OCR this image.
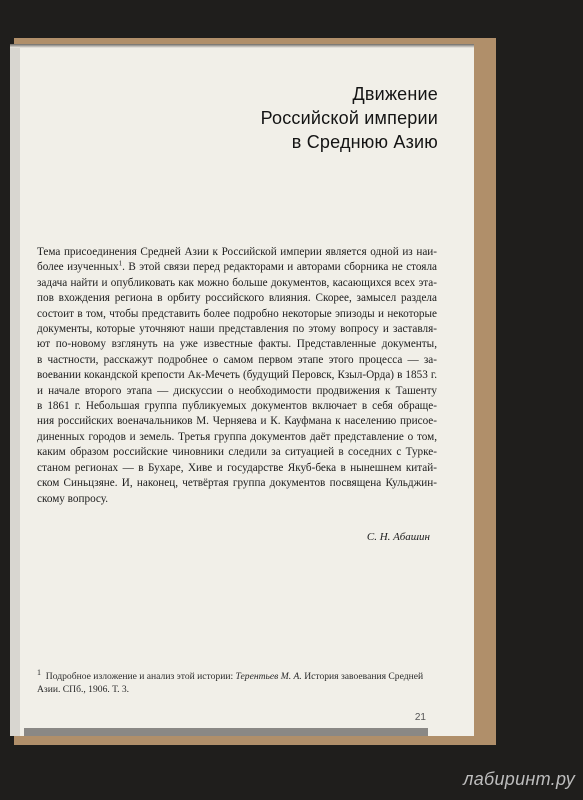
Движение
Российской империи
в Среднюю Азию
Тема присоединения Средней Азии к Российской империи является одной из наи-
более изученных$^1$. В этой связи перед редакторами и авторами сборника не стояла
задача найти и опубликовать как можно больше документов, касающихся всех эта-
пов вхождения региона в орбиту российского влияния. Скорее, замысел раздела
состоит в том, чтобы представить более подробно некоторые эпизоды и некоторые
документы, которые уточняют наши представления по этому вопросу и заставля-
ют по-новому взглянуть на уже известные факты. Представленные документы,
в частности, расскажут подробнее о самом первом этапе этого процесса — за-
воевании кокандской крепости Ак-Мечеть (будущий Перовск, Кзыл-Орда) в 1853 г.
и начале второго этапа — дискуссии о необходимости продвижения к Ташенту
в 1861 г. Небольшая группа публикуемых документов включает в себя обраще-
ния российских военачальников М. Черняева и К. Кауфмана к населению присое-
диненных городов и земель. Третья группа документов даёт представление о том,
каким образом российские чиновники следили за ситуацией в соседних с Турке-
станом регионах — в Бухаре, Хиве и государстве Якуб-бека в нынешнем китай-
ском Синьцзяне. И, наконец, четвёртая группа документов посвящена Кульджин-
скому вопросу.
С. Н. Абашин
$^1$ Подробное изложение и анализ этой истории: Терентьев М. А. История завоевания Средней
Азии. СПб., 1906. Т. 3.
21
лабиринт.ру
